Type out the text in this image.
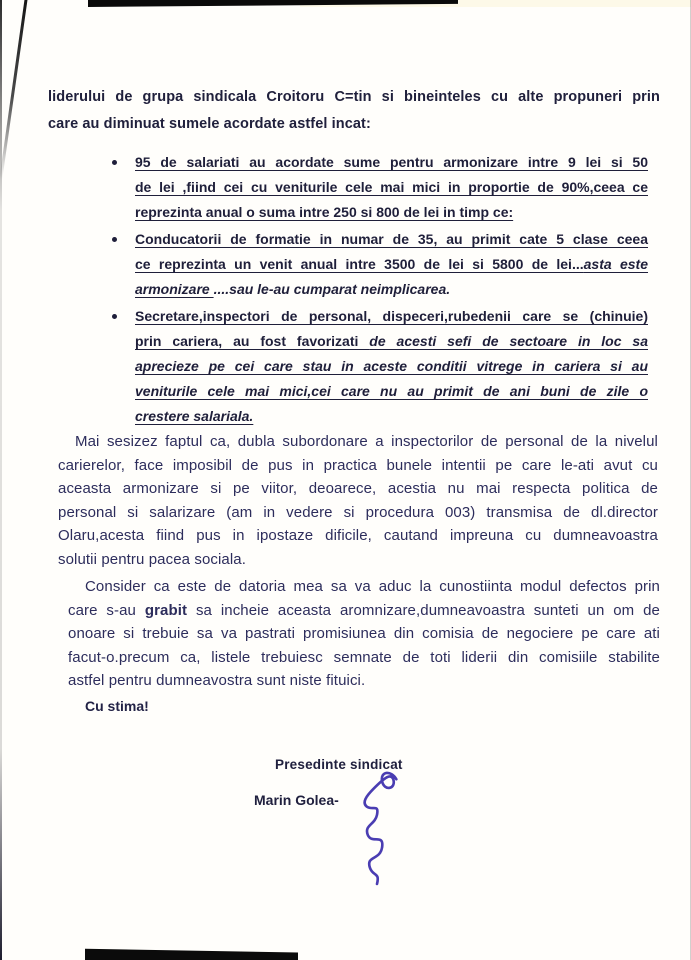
liderului de grupa sindicala Croitoru C=tin si bineinteles cu alte propuneri prin
care au diminuat sumele acordate astfel incat:
95 de salariati au acordate sume pentru armonizare intre 9 lei si 50
de lei ,fiind cei cu veniturile cele mai mici in proportie de 90%,ceea ce
reprezinta anual o suma intre 250 si 800 de lei in timp ce:
Conducatorii de formatie in numar de 35, au primit cate 5 clase ceea
ce reprezinta un venit anual intre 3500 de lei si 5800 de lei...asta este
armonizare ....sau le-au cumparat neimplicarea.
Secretare,inspectori de personal, dispeceri,rubedenii care se (chinuie)
prin cariera, au fost favorizati de acesti sefi de sectoare in loc sa
aprecieze pe cei care stau in aceste conditii vitrege in cariera si au
veniturile cele mai mici,cei care nu au primit de ani buni de zile o
crestere salariala.
Mai sesizez faptul ca, dubla subordonare a inspectorilor de personal de la nivelul
carierelor, face imposibil de pus in practica bunele intentii pe care le-ati avut cu
aceasta armonizare si pe viitor, deoarece, acestia nu mai respecta politica de
personal si salarizare (am in vedere si procedura 003) transmisa de dl.director
Olaru,acesta fiind pus in ipostaze dificile, cautand impreuna cu dumneavoastra
solutii pentru pacea sociala.
Consider ca este de datoria mea sa va aduc la cunostiinta modul defectos prin
care s-au grabit sa incheie aceasta aromnizare,dumneavoastra sunteti un om de
onoare si trebuie sa va pastrati promisiunea din comisia de negociere pe care ati
facut-o.precum ca, listele trebuiesc semnate de toti liderii din comisiile stabilite
astfel pentru dumneavostra sunt niste fituici.
Cu stima!
Presedinte sindicat
Marin Golea-
